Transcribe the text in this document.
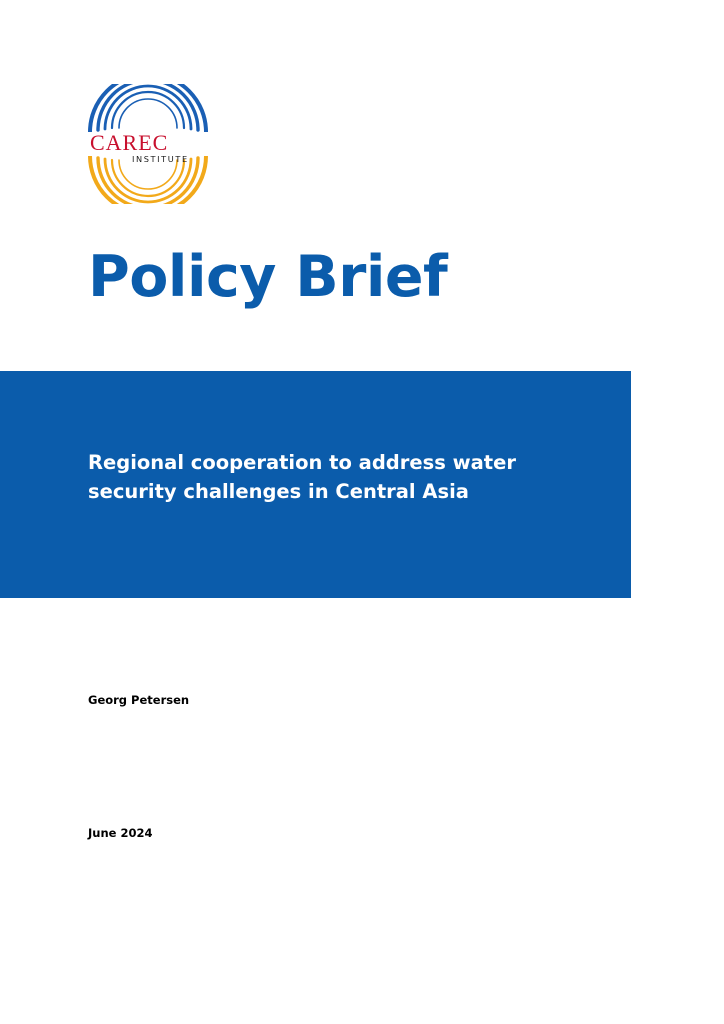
CAREC
INSTITUTE
Policy Brief
Regional cooperation to address water security challenges in Central Asia

Georg Petersen

June 2024
